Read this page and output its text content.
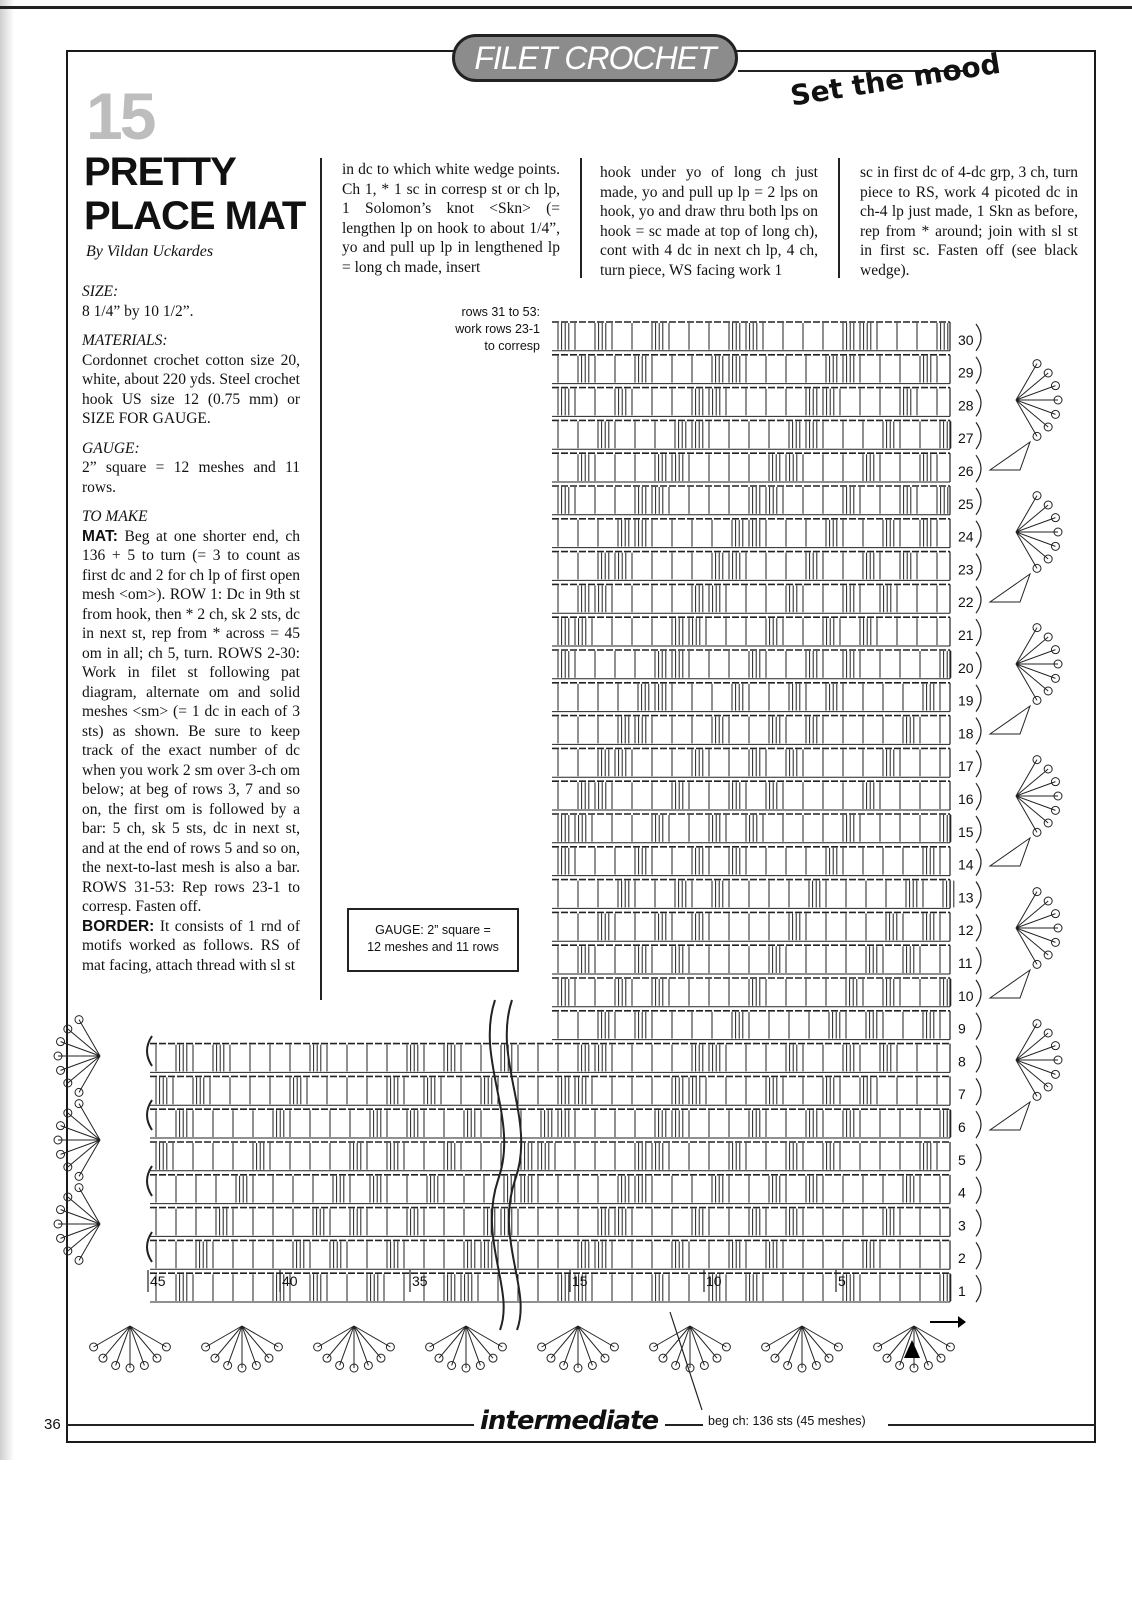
FILET CROCHET	Set the mood
15
PRETTY
PLACE MAT
By Vildan Uckardes

SIZE:
8 1/4” by 10 1/2”.

MATERIALS:
Cordonnet crochet cotton size 20, white, about 220 yds. Steel crochet hook US size 12 (0.75 mm) or SIZE FOR GAUGE.

GAUGE:
2” square = 12 meshes and 11 rows.

TO MAKE
MAT: Beg at one shorter end, ch 136 + 5 to turn (= 3 to count as first dc and 2 for ch lp of first open mesh <om>). ROW 1: Dc in 9th st from hook, then * 2 ch, sk 2 sts, dc in next st, rep from * across = 45 om in all; ch 5, turn. ROWS 2-30: Work in filet st following pat diagram, alternate om and solid meshes <sm> (= 1 dc in each of 3 sts) as shown. Be sure to keep track of the exact number of dc when you work 2 sm over 3-ch om below; at beg of rows 3, 7 and so on, the first om is followed by a bar: 5 ch, sk 5 sts, dc in next st, and at the end of rows 5 and so on, the next-to-last mesh is also a bar. ROWS 31-53: Rep rows 23-1 to corresp. Fasten off.
BORDER: It consists of 1 rnd of motifs worked as follows. RS of mat facing, attach thread with sl st

in dc to which white wedge points. Ch 1, * 1 sc in corresp st or ch lp, 1 Solomon’s knot <Skn> (= lengthen lp on hook to about 1/4”, yo and pull up lp in lengthened lp = long ch made, insert
hook under yo of long ch just made, yo and pull up lp = 2 lps on hook, yo and draw thru both lps on hook = sc made at top of long ch), cont with 4 dc in next ch lp, 4 ch, turn piece, WS facing work 1
sc in first dc of 4-dc grp, 3 ch, turn piece to RS, work 4 picoted dc in ch-4 lp just made, 1 Skn as before, rep from * around; join with sl st in first sc. Fasten off (see black wedge).
rows 31 to 53:
work rows 23-1
to corresp	30
29
28
27
26
25
24
23
22
21
20
19
18
17
16
15
14
13
12
11
10
9
8
7
6
5
4
3
2
1
45	40	35	15	10	5
GAUGE: 2” square =
12 meshes and 11 rows
intermediate	beg ch: 136 sts (45 meshes)
36
